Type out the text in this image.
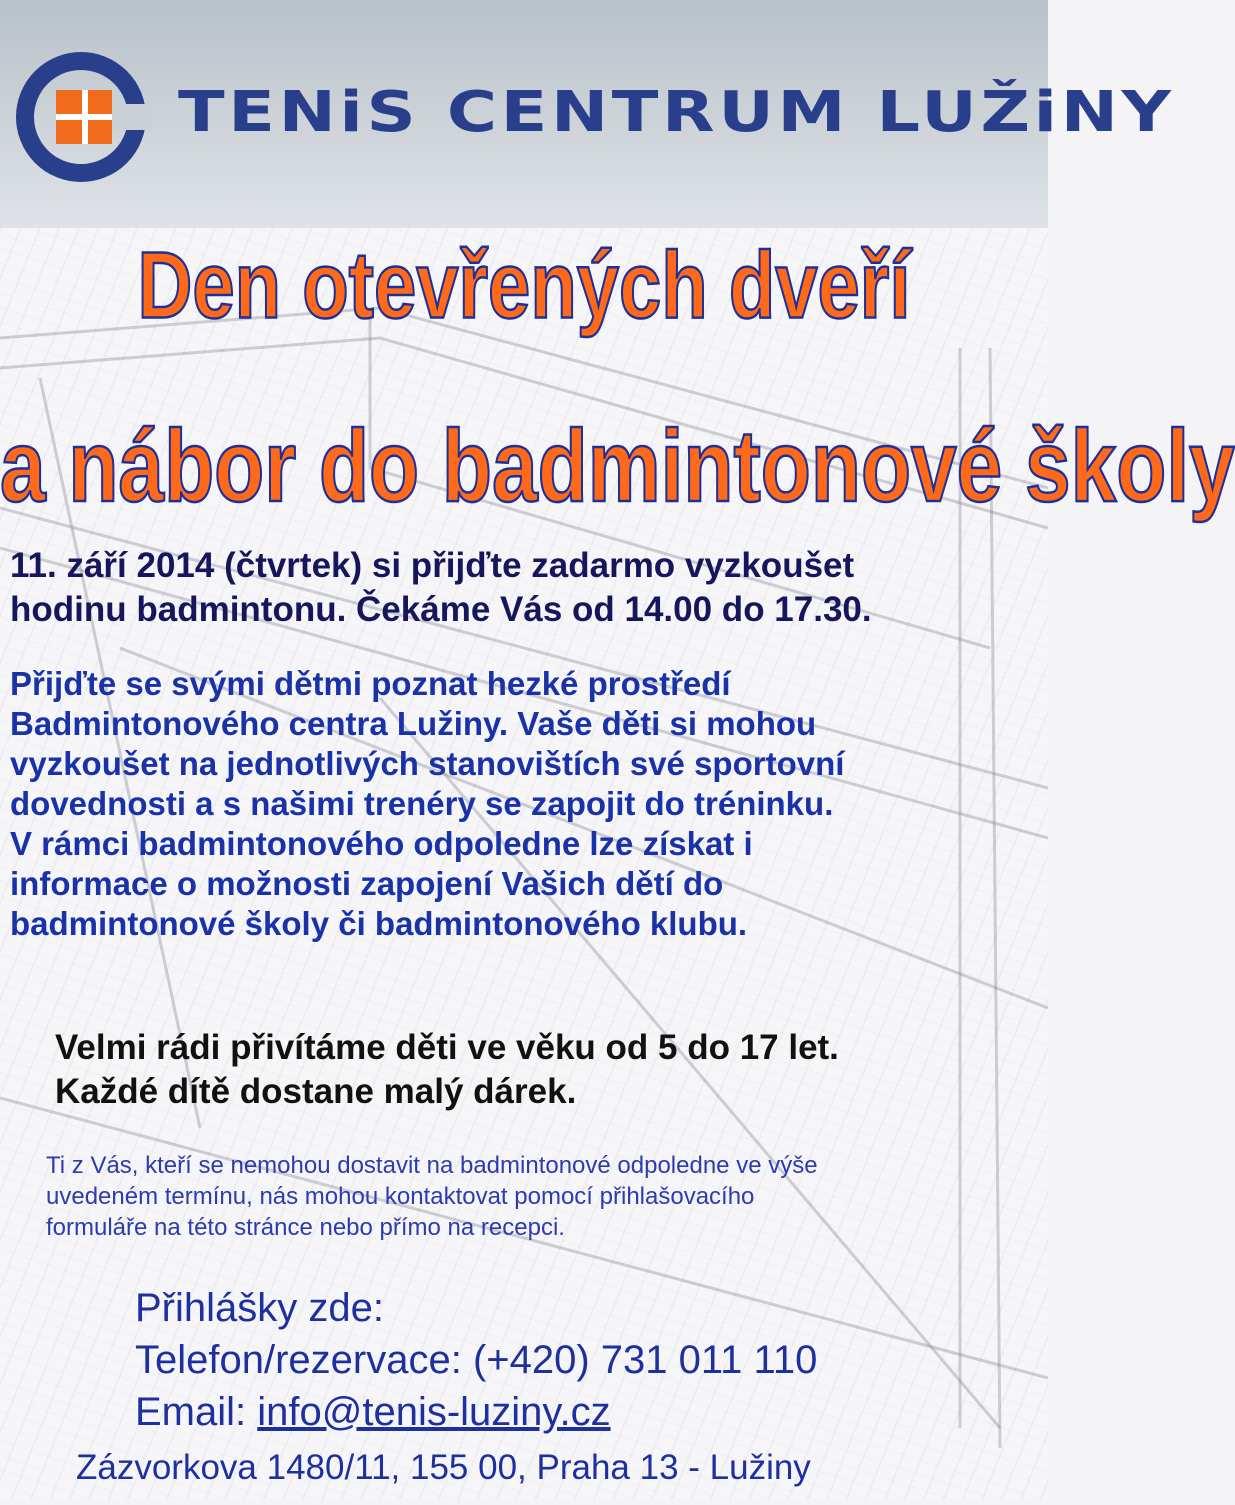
TENiS CENTRUM LUŽiNY
Den otevřených dveří
a nábor do badmintonové školy
11. září 2014 (čtvrtek) si přijďte zadarmo vyzkoušet
hodinu badmintonu. Čekáme Vás od 14.00 do 17.30.
Přijďte se svými dětmi poznat hezké prostředí
Badmintonového centra Lužiny. Vaše děti si mohou
vyzkoušet na jednotlivých stanovištích své sportovní
dovednosti a s našimi trenéry se zapojit do tréninku.
V rámci badmintonového odpoledne lze získat i
informace o možnosti zapojení Vašich dětí do
badmintonové školy či badmintonového klubu.
Velmi rádi přivítáme děti ve věku od 5 do 17 let.
Každé dítě dostane malý dárek.
Ti z Vás, kteří se nemohou dostavit na badmintonové odpoledne ve výše
uvedeném termínu, nás mohou kontaktovat pomocí přihlašovacího
formuláře na této stránce nebo přímo na recepci.
Přihlášky zde:
Telefon/rezervace: (+420) 731 011 110
Email: info@tenis-luziny.cz
Zázvorkova 1480/11, 155 00, Praha 13 - Lužiny
